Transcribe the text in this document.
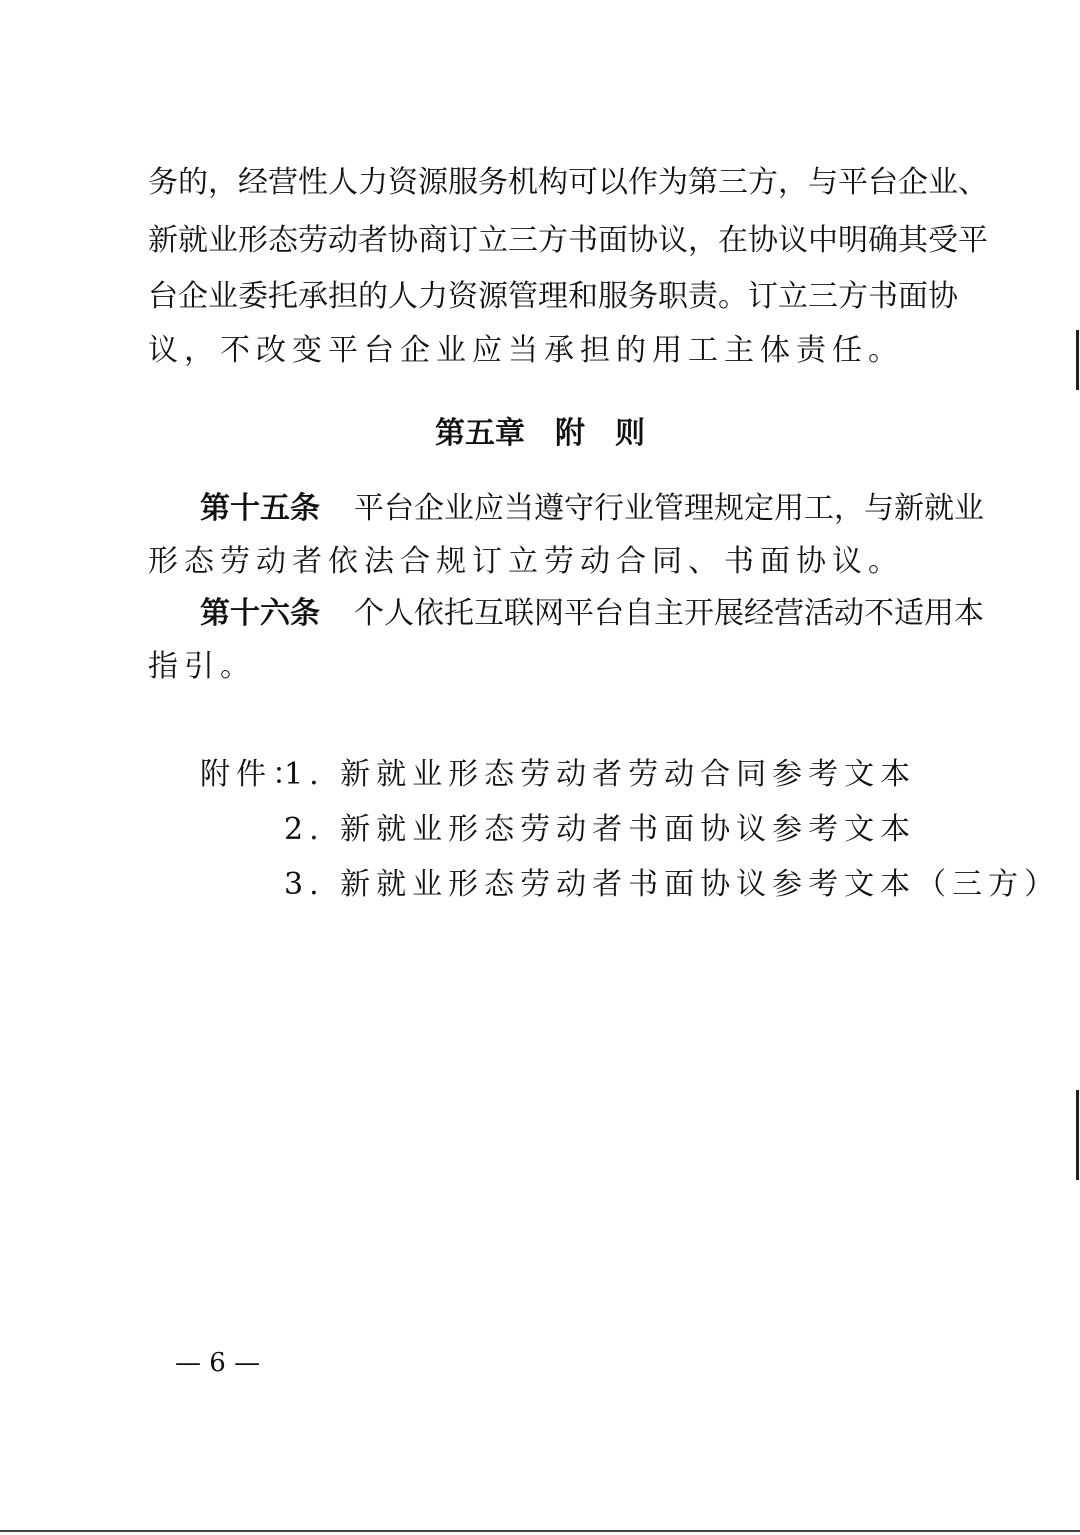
务的，经营性人力资源服务机构可以作为第三方，与平台企业、
新就业形态劳动者协商订立三方书面协议，在协议中明确其受平
台企业委托承担的人力资源管理和服务职责。订立三方书面协
议，不改变平台企业应当承担的用工主体责任。
第五章　附　则
第十五条 平台企业应当遵守行业管理规定用工，与新就业
形态劳动者依法合规订立劳动合同、书面协议。
第十六条 个人依托互联网平台自主开展经营活动不适用本
指引。
附件：
1. 新就业形态劳动者劳动合同参考文本
2. 新就业形态劳动者书面协议参考文本
3. 新就业形态劳动者书面协议参考文本（三方）
— 6 —
